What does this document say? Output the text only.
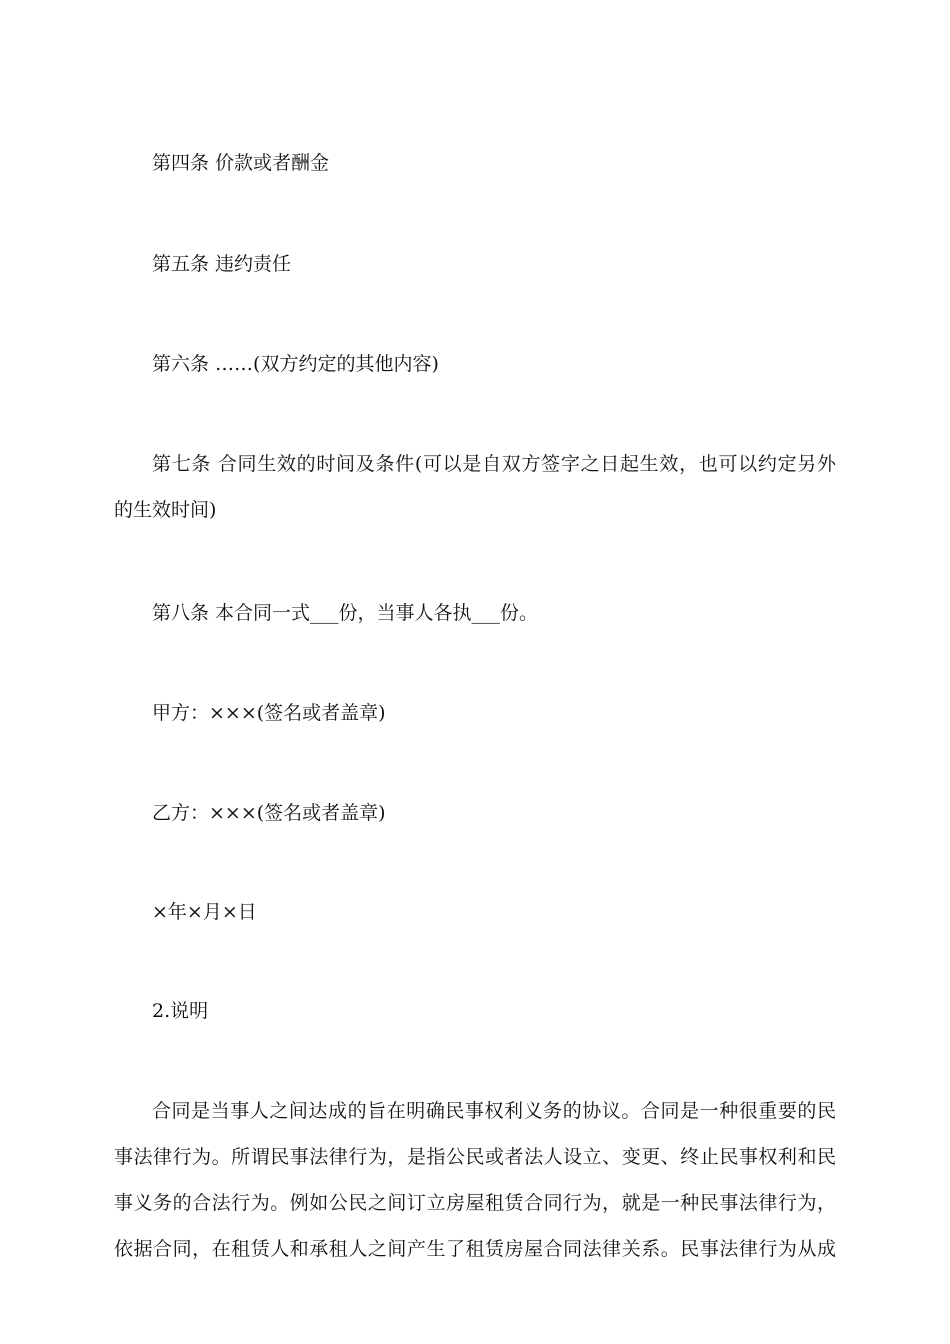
第四条 价款或者酬金
第五条 违约责任
第六条 ……(双方约定的其他内容)
第七条 合同生效的时间及条件(可以是自双方签字之日起生效，也可以约定另外
的生效时间)
第八条 本合同一式___份，当事人各执___份。
甲方：×××(签名或者盖章)
乙方：×××(签名或者盖章)
×年×月×日
2.说明
合同是当事人之间达成的旨在明确民事权利义务的协议。合同是一种很重要的民
事法律行为。所谓民事法律行为，是指公民或者法人设立、变更、终止民事权利和民
事义务的合法行为。例如公民之间订立房屋租赁合同行为，就是一种民事法律行为，
依据合同，在租赁人和承租人之间产生了租赁房屋合同法律关系。民事法律行为从成
